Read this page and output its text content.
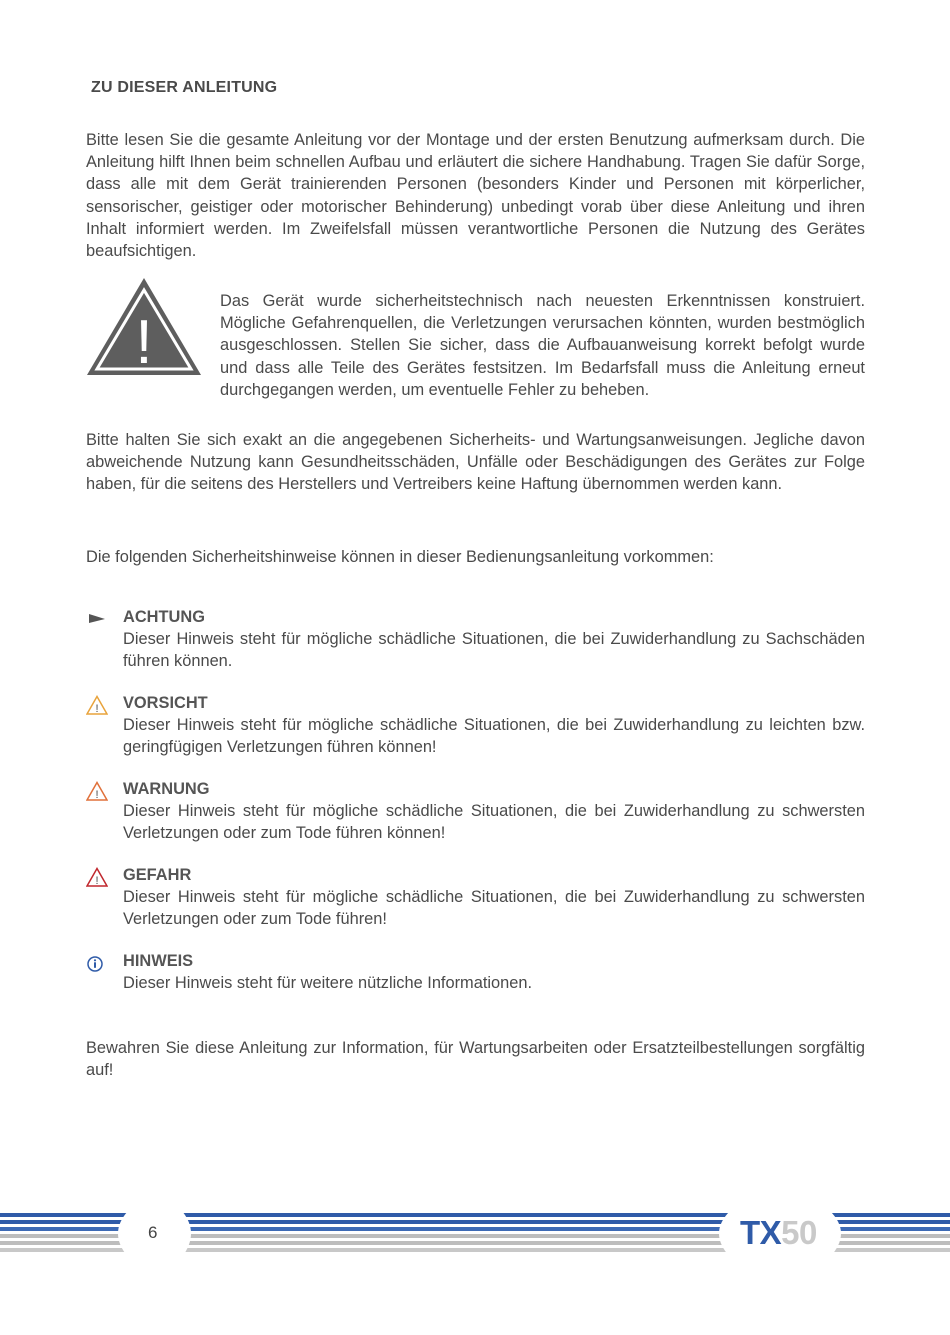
ZU DIESER ANLEITUNG

Bitte lesen Sie die gesamte Anleitung vor der Montage und der ersten Benutzung aufmerksam durch. Die Anleitung hilft Ihnen beim schnellen Aufbau und erläutert die sichere Handhabung. Tragen Sie dafür Sorge, dass alle mit dem Gerät trainierenden Personen (besonders Kinder und Personen mit körperlicher, sensorischer, geistiger oder motorischer Behinderung) unbedingt vorab über diese Anleitung und ihren Inhalt informiert werden. Im Zweifelsfall müssen verantwortliche Personen die Nutzung des Gerätes beaufsichtigen.

!

Das Gerät wurde sicherheitstechnisch nach neuesten Erkenntnissen konstruiert. Mögliche Gefahrenquellen, die Verletzungen verursachen könnten, wurden bestmöglich ausgeschlossen. Stellen Sie sicher, dass die Aufbauanweisung korrekt befolgt wurde und dass alle Teile des Gerätes festsitzen. Im Bedarfsfall muss die Anleitung erneut durchgegangen werden, um eventuelle Fehler zu beheben.

Bitte halten Sie sich exakt an die angegebenen Sicherheits- und Wartungsanweisungen. Jegliche davon abweichende Nutzung kann Gesundheitsschäden, Unfälle oder Beschädigungen des Gerätes zur Folge haben, für die seitens des Herstellers und Vertreibers keine Haftung übernommen werden kann.

Die folgenden Sicherheitshinweise können in dieser Bedienungsanleitung vorkommen:

ACHTUNG

Dieser Hinweis steht für mögliche schädliche Situationen, die bei Zuwiderhandlung zu Sachschäden führen können.

! VORSICHT

Dieser Hinweis steht für mögliche schädliche Situationen, die bei Zuwiderhandlung zu leichten bzw. geringfügigen Verletzungen führen können!

! WARNUNG

Dieser Hinweis steht für mögliche schädliche Situationen, die bei Zuwiderhandlung zu schwersten Verletzungen oder zum Tode führen können!

! GEFAHR

Dieser Hinweis steht für mögliche schädliche Situationen, die bei Zuwiderhandlung zu schwersten Verletzungen oder zum Tode führen!

HINWEIS

Dieser Hinweis steht für weitere nützliche Informationen.

Bewahren Sie diese Anleitung zur Information, für Wartungsarbeiten oder Ersatzteilbestellungen sorgfältig auf!

6	TX50
